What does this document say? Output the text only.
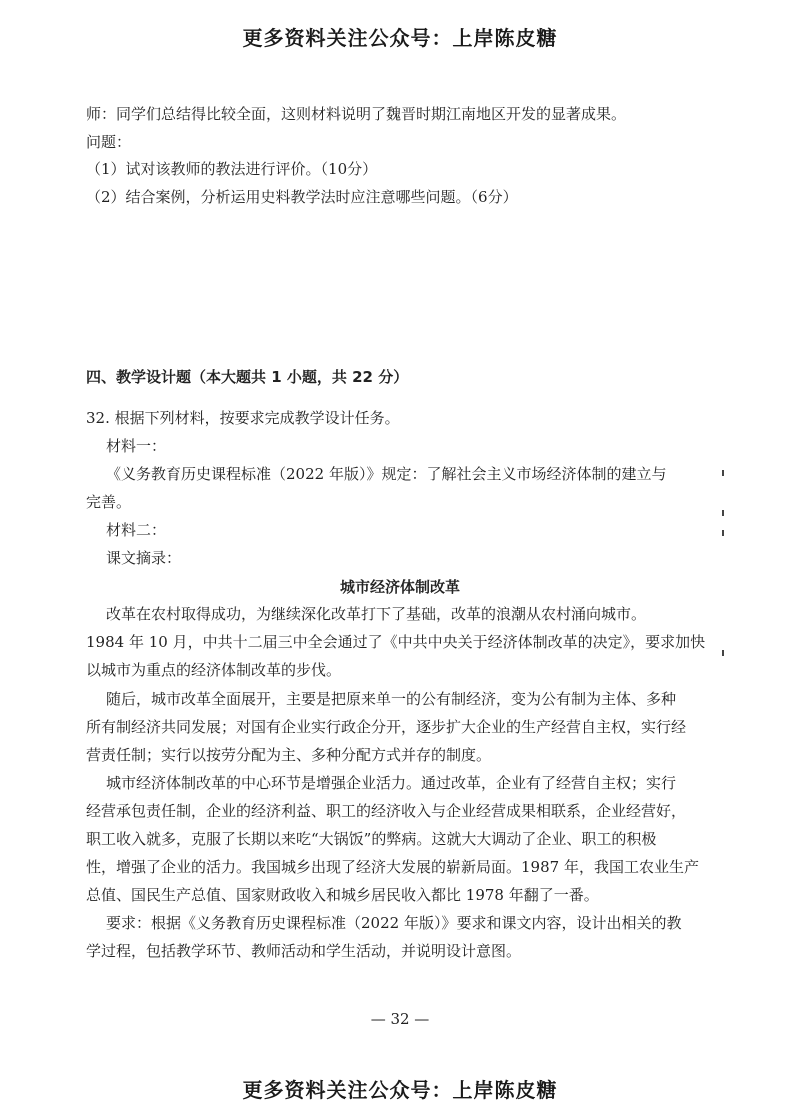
更多资料关注公众号：上岸陈皮糖
师：同学们总结得比较全面，这则材料说明了魏晋时期江南地区开发的显著成果。
问题：
（1）试对该教师的教法进行评价。（10分）
（2）结合案例，分析运用史料教学法时应注意哪些问题。（6分）
四、教学设计题（本大题共 1 小题，共 22 分）
32. 根据下列材料，按要求完成教学设计任务。
材料一：
《义务教育历史课程标准（2022 年版）》规定：了解社会主义市场经济体制的建立与
完善。
材料二：
课文摘录：
城市经济体制改革
改革在农村取得成功，为继续深化改革打下了基础，改革的浪潮从农村涌向城市。
1984 年 10 月，中共十二届三中全会通过了《中共中央关于经济体制改革的决定》，要求加快
以城市为重点的经济体制改革的步伐。
随后，城市改革全面展开，主要是把原来单一的公有制经济，变为公有制为主体、多种
所有制经济共同发展；对国有企业实行政企分开，逐步扩大企业的生产经营自主权，实行经
营责任制；实行以按劳分配为主、多种分配方式并存的制度。
城市经济体制改革的中心环节是增强企业活力。通过改革，企业有了经营自主权；实行
经营承包责任制，企业的经济利益、职工的经济收入与企业经营成果相联系，企业经营好，
职工收入就多，克服了长期以来吃“大锅饭”的弊病。这就大大调动了企业、职工的积极
性，增强了企业的活力。我国城乡出现了经济大发展的崭新局面。1987 年，我国工农业生产
总值、国民生产总值、国家财政收入和城乡居民收入都比 1978 年翻了一番。
要求：根据《义务教育历史课程标准（2022 年版）》要求和课文内容，设计出相关的教
学过程，包括教学环节、教师活动和学生活动，并说明设计意图。
— 32 —
更多资料关注公众号：上岸陈皮糖
